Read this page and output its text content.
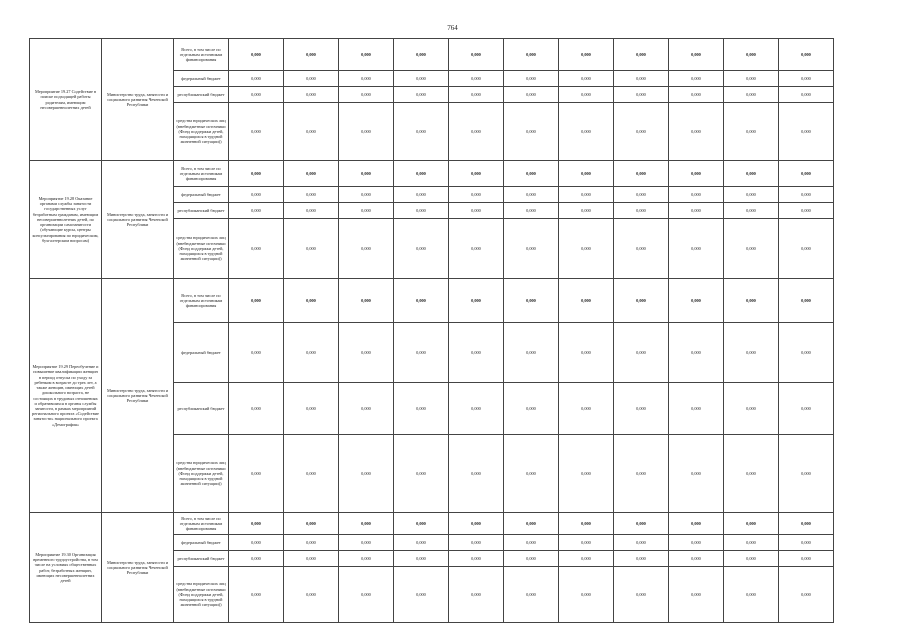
764
Мероприятие 19.27 Содействие в поиске подходящей работы родителям, имеющим несовершеннолетних детей	Министерство труда, занятости и социального развития Чеченской Республики	Всего, в том числе по отдельным источникам финансирования	0,000	0,000	0,000	0,000	0,000	0,000	0,000	0,000	0,000	0,000	0,000
		федеральный бюджет	0,000	0,000	0,000	0,000	0,000	0,000	0,000	0,000	0,000	0,000	0,000
		республиканский бюджет	0,000	0,000	0,000	0,000	0,000	0,000	0,000	0,000	0,000	0,000	0,000
		средства юридических лиц (внебюджетные источники (Фонд поддержки детей, находящихся в трудной жизненной ситуации))	0,000	0,000	0,000	0,000	0,000	0,000	0,000	0,000	0,000	0,000	0,000
Мероприятие 19.28 Оказание органами службы занятости государственных услуг безработным гражданам, имеющим несовершеннолетних детей, по организации самозанятости (обучающие курсы, центры консультирования по юридическим, бухгалтерским вопросам)	Министерство труда, занятости и социального развития Чеченской Республики	Всего, в том числе по отдельным источникам финансирования	0,000	0,000	0,000	0,000	0,000	0,000	0,000	0,000	0,000	0,000	0,000
		федеральный бюджет	0,000	0,000	0,000	0,000	0,000	0,000	0,000	0,000	0,000	0,000	0,000
		республиканский бюджет	0,000	0,000	0,000	0,000	0,000	0,000	0,000	0,000	0,000	0,000	0,000
		средства юридических лиц (внебюджетные источники (Фонд поддержки детей, находящихся в трудной жизненной ситуации))	0,000	0,000	0,000	0,000	0,000	0,000	0,000	0,000	0,000	0,000	0,000
Мероприятие 19.29 Переобучение и повышение квалификации женщин в период отпуска по уходу за ребенком в возрасте до трех лет, а также женщин, имеющих детей дошкольного возраста, не состоящих в трудовых отношениях и обратившихся в органы службы занятости, в рамках мероприятий регионального проекта «Содействие занятости» национального проекта «Демография»	Министерство труда, занятости и социального развития Чеченской Республики	Всего, в том числе по отдельным источникам финансирования	0,000	0,000	0,000	0,000	0,000	0,000	0,000	0,000	0,000	0,000	0,000
		федеральный бюджет	0,000	0,000	0,000	0,000	0,000	0,000	0,000	0,000	0,000	0,000	0,000
		республиканский бюджет	0,000	0,000	0,000	0,000	0,000	0,000	0,000	0,000	0,000	0,000	0,000
		средства юридических лиц (внебюджетные источники (Фонд поддержки детей, находящихся в трудной жизненной ситуации))	0,000	0,000	0,000	0,000	0,000	0,000	0,000	0,000	0,000	0,000	0,000
Мероприятие 19.30 Организация временного трудоустройства, в том числе на условиях общественных работ, безработных женщин, имеющих несовершеннолетних детей	Министерство труда, занятости и социального развития Чеченской Республики	Всего, в том числе по отдельным источникам финансирования	0,000	0,000	0,000	0,000	0,000	0,000	0,000	0,000	0,000	0,000	0,000
		федеральный бюджет	0,000	0,000	0,000	0,000	0,000	0,000	0,000	0,000	0,000	0,000	0,000
		республиканский бюджет	0,000	0,000	0,000	0,000	0,000	0,000	0,000	0,000	0,000	0,000	0,000
		средства юридических лиц (внебюджетные источники (Фонд поддержки детей, находящихся в трудной жизненной ситуации))	0,000	0,000	0,000	0,000	0,000	0,000	0,000	0,000	0,000	0,000	0,000
